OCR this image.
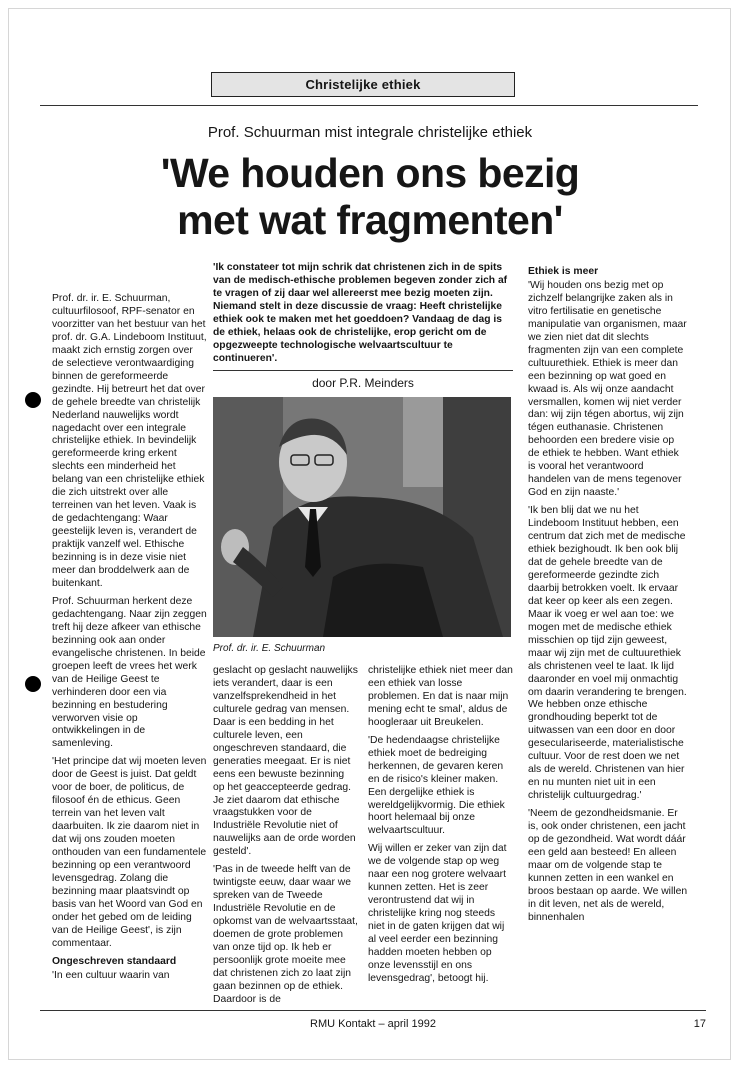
Christelijke ethiek
Prof. Schuurman mist integrale christelijke ethiek
'We houden ons bezig
met wat fragmenten'
'Ik constateer tot mijn schrik dat christenen zich in de spits van de medisch-ethische problemen begeven zonder zich af te vragen of zij daar wel allereerst mee bezig moeten zijn. Niemand stelt in deze discussie de vraag: Heeft christelijke ethiek ook te maken met het goeddoen? Vandaag de dag is de ethiek, helaas ook de christelijke, erop gericht om de opgezweepte technologische welvaartscultuur te continueren'.
door P.R. Meinders
Prof. dr. ir. E. Schuurman

Prof. dr. ir. E. Schuurman, cultuurfilosoof, RPF-senator en voorzitter van het bestuur van het prof. dr. G.A. Lindeboom Instituut, maakt zich ernstig zorgen over de selectieve verontwaardiging binnen de gereformeerde gezindte. Hij betreurt het dat over de gehele breedte van christelijk Nederland nauwelijks wordt nagedacht over een integrale christelijke ethiek. In bevindelijk gereformeerde kring erkent slechts een minderheid het belang van een christelijke ethiek die zich uitstrekt over alle terreinen van het leven. Vaak is de gedachtengang: Waar geestelijk leven is, verandert de praktijk vanzelf wel. Ethische bezinning is in deze visie niet meer dan broddelwerk aan de buitenkant.

Prof. Schuurman herkent deze gedachtengang. Naar zijn zeggen treft hij deze afkeer van ethische bezinning ook aan onder evangelische christenen. In beide groepen leeft de vrees het werk van de Heilige Geest te verhinderen door een via bezinning en bestudering verworven visie op ontwikkelingen in de samenleving.

'Het principe dat wij moeten leven door de Geest is juist. Dat geldt voor de boer, de politicus, de filosoof én de ethicus. Geen terrein van het leven valt daarbuiten. Ik zie daarom niet in dat wij ons zouden moeten onthouden van een fundamentele bezinning op een verantwoord levensgedrag. Zolang die bezinning maar plaatsvindt op basis van het Woord van God en onder het gebed om de leiding van de Heilige Geest', is zijn commentaar.

Ongeschreven standaard

'In een cultuur waarin van

geslacht op geslacht nauwelijks iets verandert, daar is een vanzelfsprekendheid in het culturele gedrag van mensen. Daar is een bedding in het culturele leven, een ongeschreven standaard, die generaties meegaat. Er is niet eens een bewuste bezinning op het geaccepteerde gedrag. Je ziet daarom dat ethische vraagstukken voor de Industriële Revolutie niet of nauwelijks aan de orde worden gesteld'.

'Pas in de tweede helft van de twintigste eeuw, daar waar we spreken van de Tweede Industriële Revolutie en de opkomst van de welvaartsstaat, doemen de grote problemen van onze tijd op. Ik heb er persoonlijk grote moeite mee dat christenen zich zo laat zijn gaan bezinnen op de ethiek. Daardoor is de

christelijke ethiek niet meer dan een ethiek van losse problemen. En dat is naar mijn mening echt te smal', aldus de hoogleraar uit Breukelen.

'De hedendaagse christelijke ethiek moet de bedreiging herkennen, de gevaren keren en de risico's kleiner maken. Een dergelijke ethiek is wereldgelijkvormig. Die ethiek hoort helemaal bij onze welvaartscultuur.

Wij willen er zeker van zijn dat we de volgende stap op weg naar een nog grotere welvaart kunnen zetten. Het is zeer verontrustend dat wij in christelijke kring nog steeds niet in de gaten krijgen dat wij al veel eerder een bezinning hadden moeten hebben op onze levensstijl en ons levensgedrag', betoogt hij.

Ethiek is meer

'Wij houden ons bezig met op zichzelf belangrijke zaken als in vitro fertilisatie en genetische manipulatie van organismen, maar we zien niet dat dit slechts fragmenten zijn van een complete cultuurethiek. Ethiek is meer dan een bezinning op wat goed en kwaad is. Als wij onze aandacht versmallen, komen wij niet verder dan: wij zijn tégen abortus, wij zijn tégen euthanasie. Christenen behoorden een bredere visie op de ethiek te hebben. Want ethiek is vooral het verantwoord handelen van de mens tegenover God en zijn naaste.'

'Ik ben blij dat we nu het Lindeboom Instituut hebben, een centrum dat zich met de medische ethiek bezighoudt. Ik ben ook blij dat de gehele breedte van de gereformeerde gezindte zich daarbij betrokken voelt. Ik ervaar dat keer op keer als een zegen. Maar ik voeg er wel aan toe: we mogen met de medische ethiek misschien op tijd zijn geweest, maar wij zijn met de cultuurethiek als christenen veel te laat. Ik lijd daaronder en voel mij onmachtig om daarin verandering te brengen. We hebben onze ethische grondhouding beperkt tot de uitwassen van een door en door geseculariseerde, materialistische cultuur. Voor de rest doen we net als de wereld. Christenen van hier en nu munten niet uit in een christelijk cultuurgedrag.'

'Neem de gezondheidsmanie. Er is, ook onder christenen, een jacht op de gezondheid. Wat wordt dáár een geld aan besteed! En alleen maar om de volgende stap te kunnen zetten in een wankel en broos bestaan op aarde. We willen in dit leven, net als de wereld, binnenhalen

RMU Kontakt – april 1992	17
